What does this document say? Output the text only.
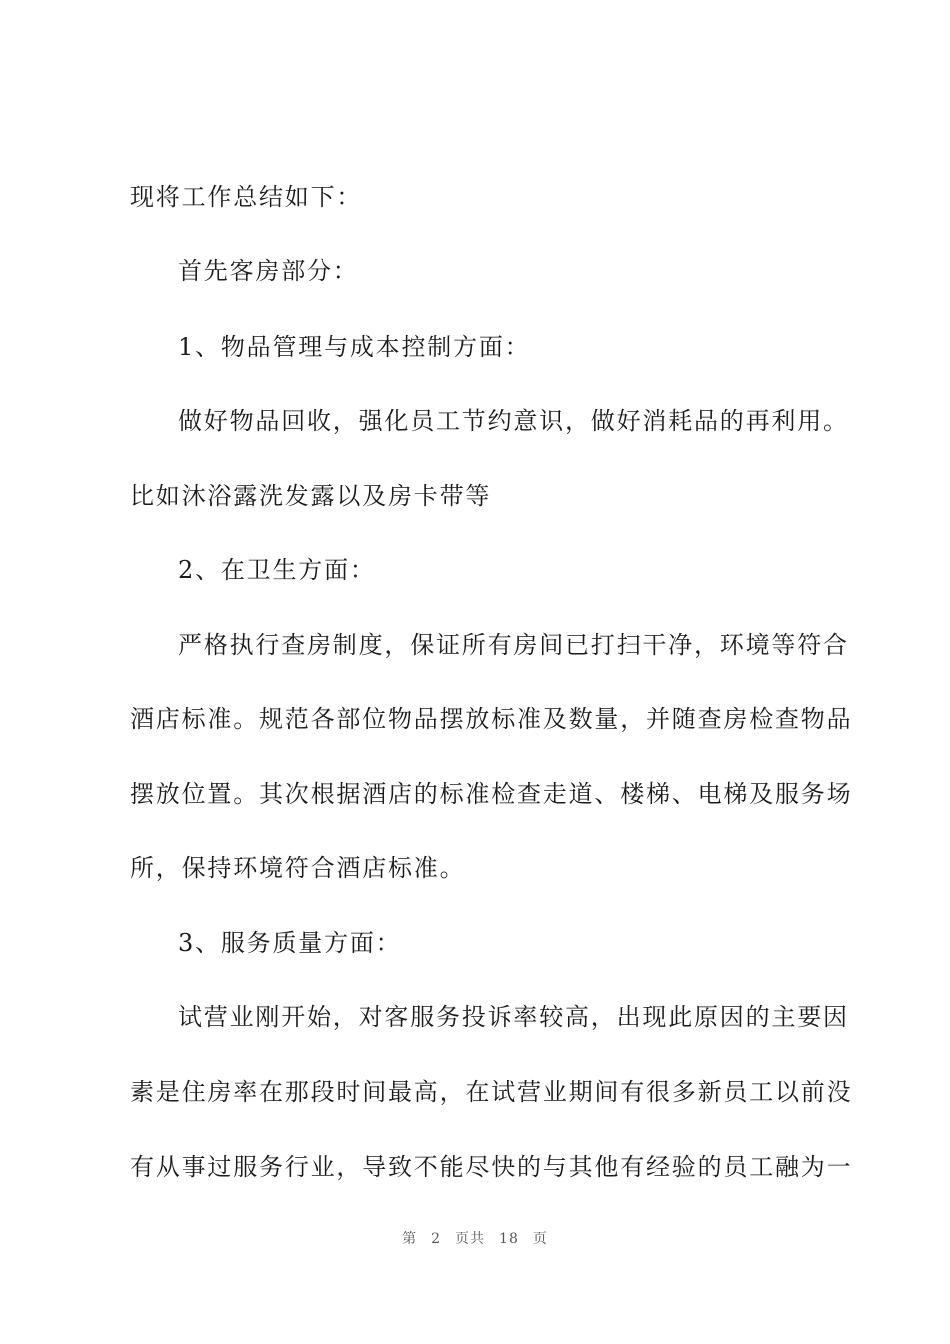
现将工作总结如下：
首先客房部分：
1、物品管理与成本控制方面：
做好物品回收，强化员工节约意识，做好消耗品的再利用。
比如沐浴露洗发露以及房卡带等
2、在卫生方面：
严格执行查房制度，保证所有房间已打扫干净，环境等符合
酒店标准。规范各部位物品摆放标准及数量，并随查房检查物品
摆放位置。其次根据酒店的标准检查走道、楼梯、电梯及服务场
所，保持环境符合酒店标准。
3、服务质量方面：
试营业刚开始，对客服务投诉率较高，出现此原因的主要因
素是住房率在那段时间最高，在试营业期间有很多新员工以前没
有从事过服务行业，导致不能尽快的与其他有经验的员工融为一
第 2 页共 18 页
